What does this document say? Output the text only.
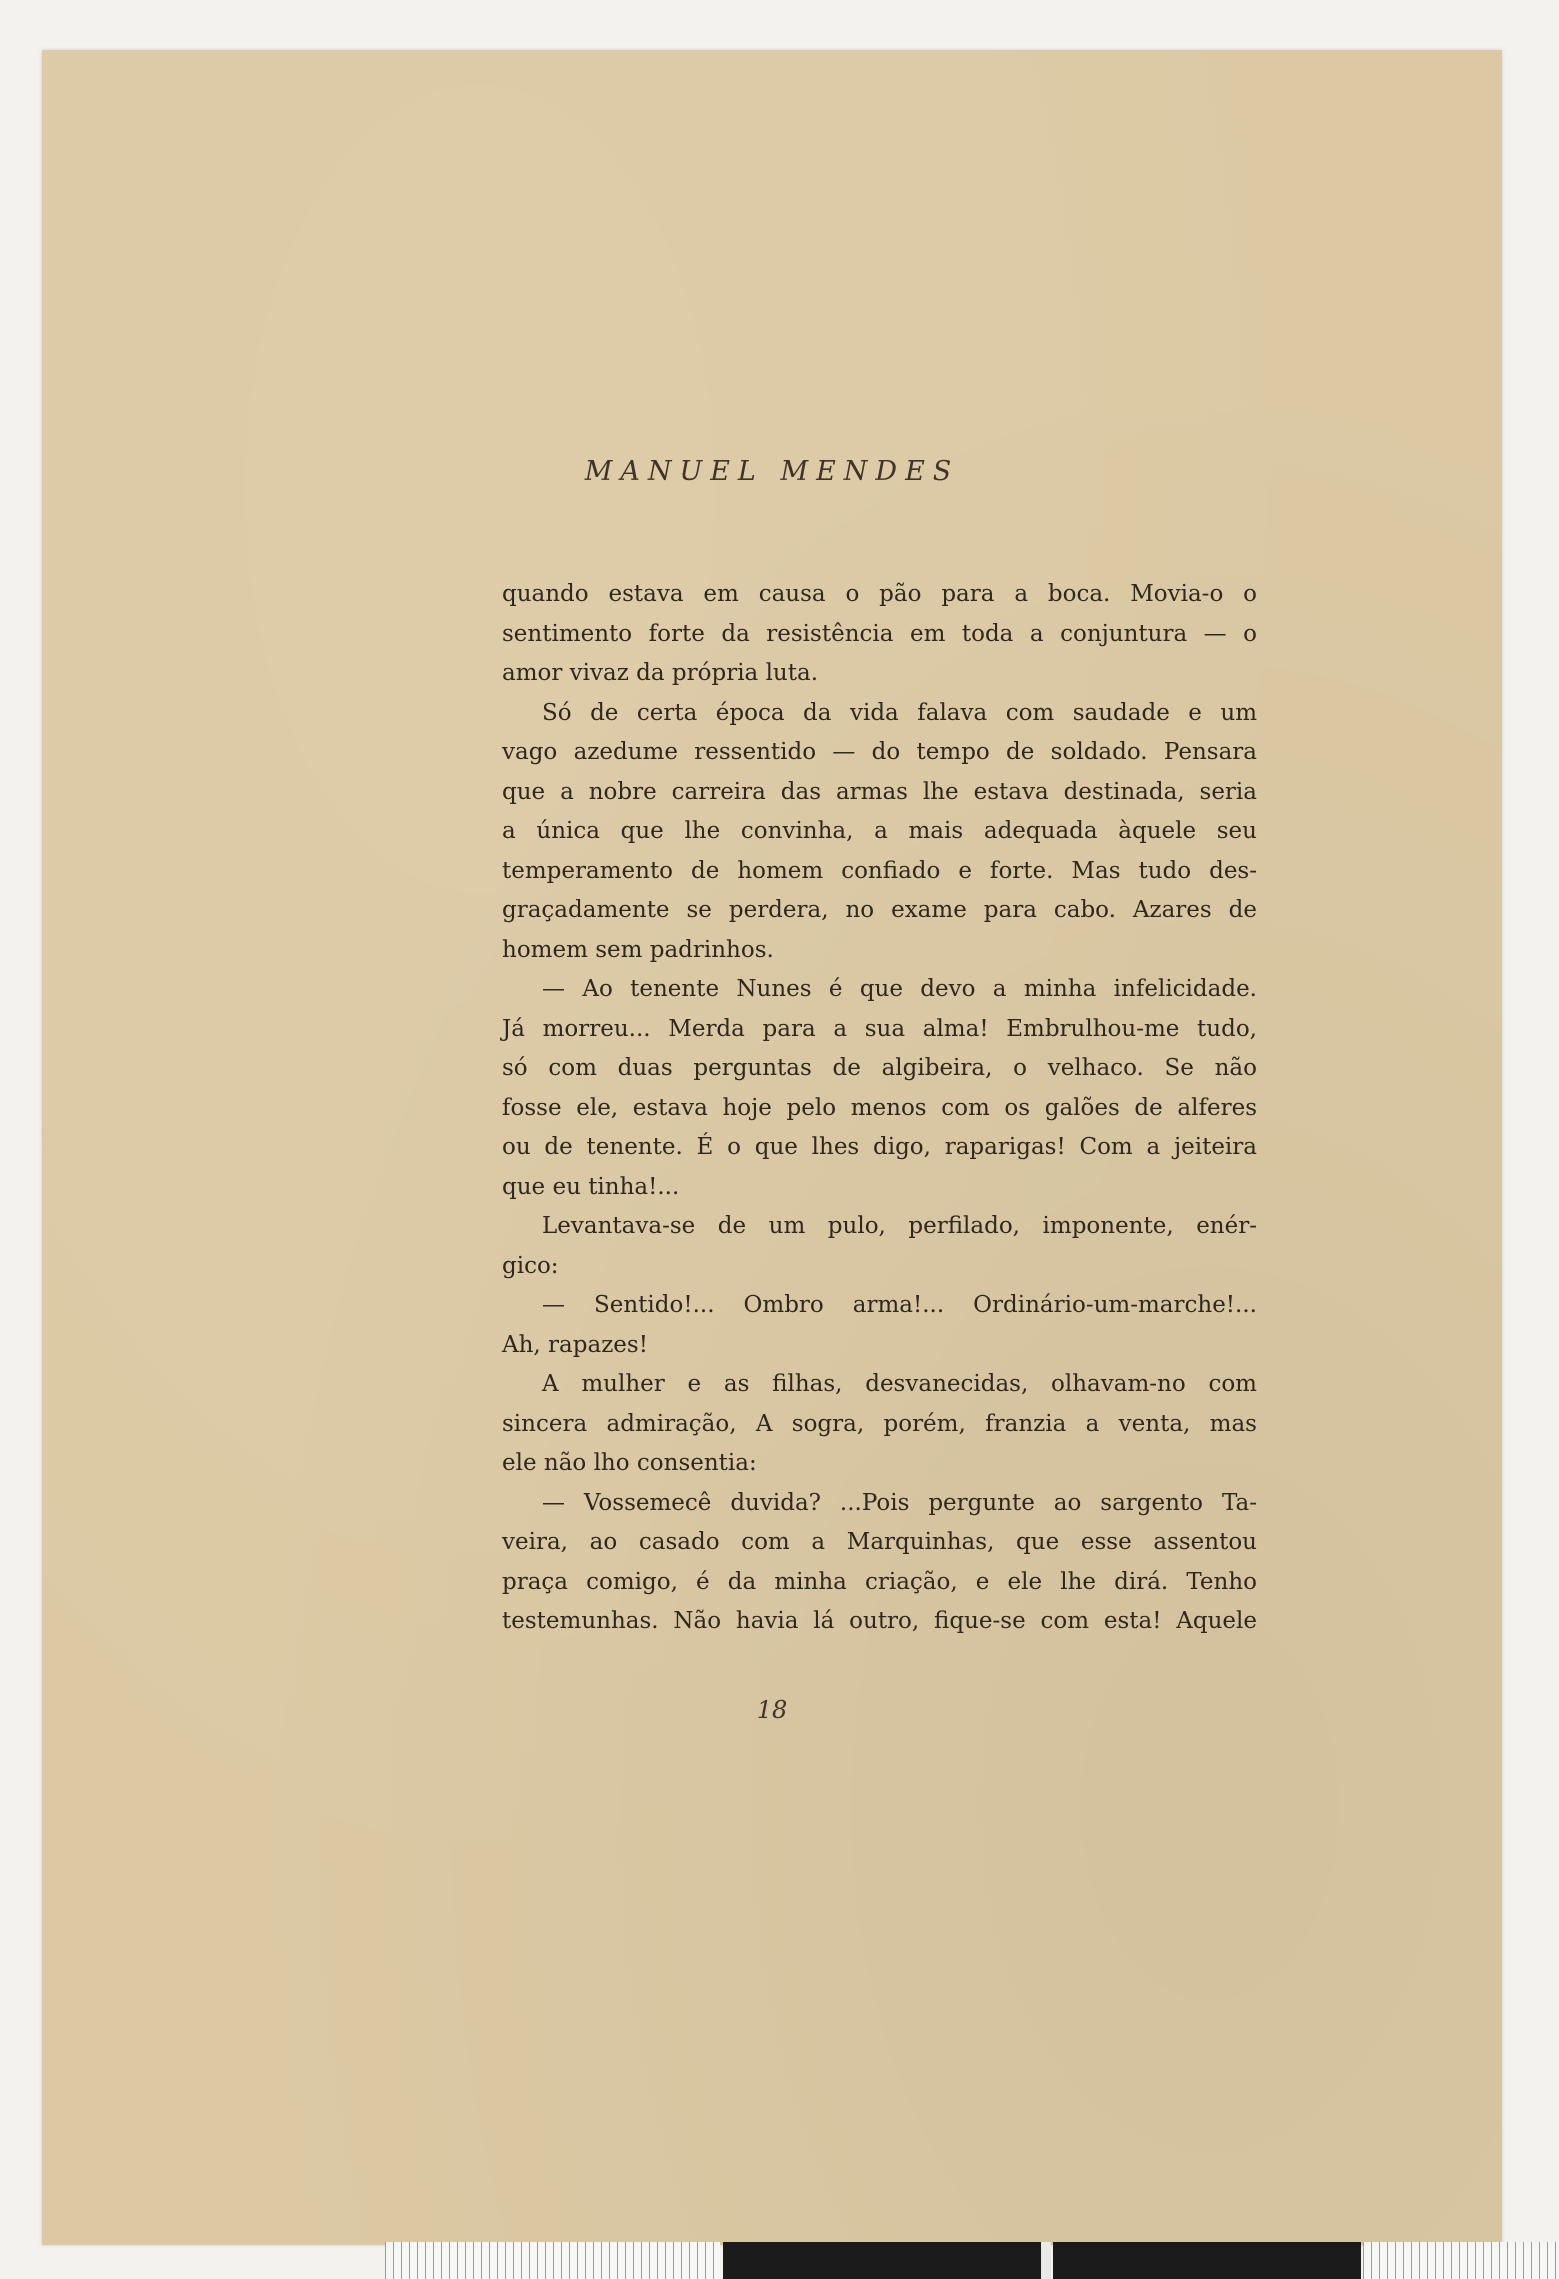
MANUEL MENDES
quando estava em causa o pão para a boca. Movia-o o
sentimento forte da resistência em toda a conjuntura — o
amor vivaz da própria luta.
Só de certa época da vida falava com saudade e um
vago azedume ressentido — do tempo de soldado. Pensara
que a nobre carreira das armas lhe estava destinada, seria
a única que lhe convinha, a mais adequada àquele seu
temperamento de homem confiado e forte. Mas tudo des-
graçadamente se perdera, no exame para cabo. Azares de
homem sem padrinhos.
— Ao tenente Nunes é que devo a minha infelicidade.
Já morreu... Merda para a sua alma! Embrulhou-me tudo,
só com duas perguntas de algibeira, o velhaco. Se não
fosse ele, estava hoje pelo menos com os galões de alferes
ou de tenente. É o que lhes digo, raparigas! Com a jeiteira
que eu tinha!...
Levantava-se de um pulo, perfilado, imponente, enér-
gico:
— Sentido!... Ombro arma!... Ordinário-um-marche!...
Ah, rapazes!
A mulher e as filhas, desvanecidas, olhavam-no com
sincera admiração, A sogra, porém, franzia a venta, mas
ele não lho consentia:
— Vossemecê duvida? ...Pois pergunte ao sargento Ta-
veira, ao casado com a Marquinhas, que esse assentou
praça comigo, é da minha criação, e ele lhe dirá. Tenho
testemunhas. Não havia lá outro, fique-se com esta! Aquele
18
